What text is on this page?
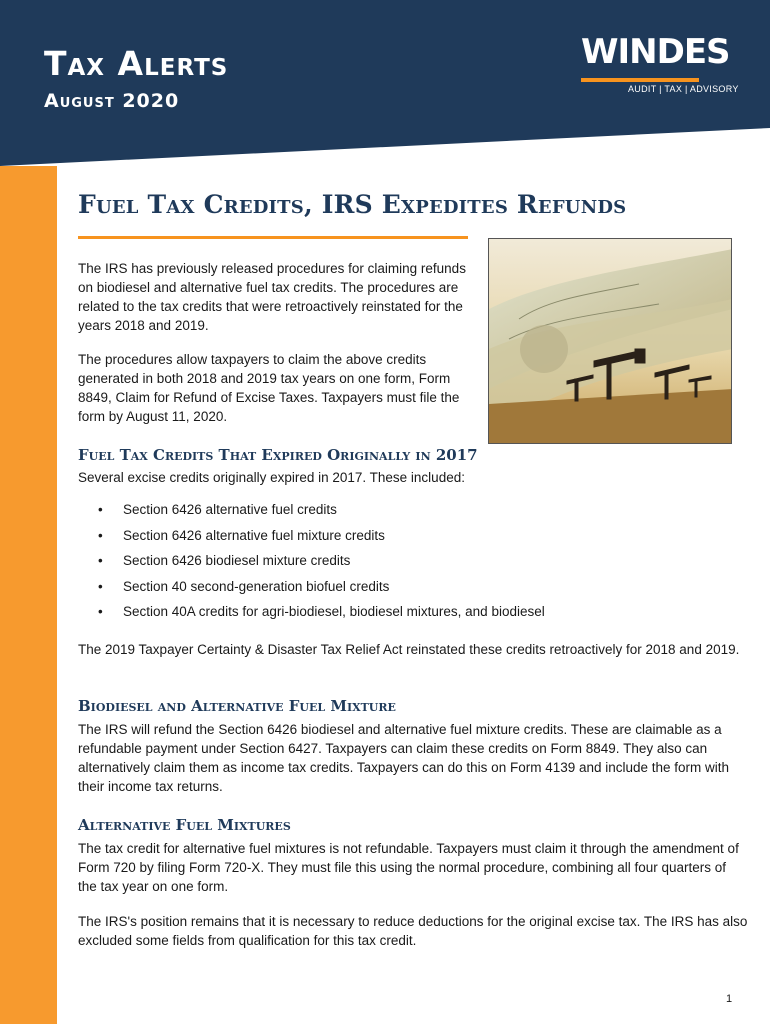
Tax Alerts
August 2020
WINDES
AUDIT | TAX | ADVISORY
Fuel Tax Credits, IRS Expedites Refunds

The IRS has previously released procedures for claiming refunds on biodiesel and alternative fuel tax credits. The procedures are related to the tax credits that were retroactively reinstated for the years 2018 and 2019.

The procedures allow taxpayers to claim the above credits generated in both 2018 and 2019 tax years on one form, Form 8849, Claim for Refund of Excise Taxes. Taxpayers must file the form by August 11, 2020.

Fuel Tax Credits That Expired Originally in 2017

Several excise credits originally expired in 2017. These included:

• Section 6426 alternative fuel credits
• Section 6426 alternative fuel mixture credits
• Section 6426 biodiesel mixture credits
• Section 40 second-generation biofuel credits
• Section 40A credits for agri-biodiesel, biodiesel mixtures, and biodiesel

The 2019 Taxpayer Certainty & Disaster Tax Relief Act reinstated these credits retroactively for 2018 and 2019.

Biodiesel and Alternative Fuel Mixture

The IRS will refund the Section 6426 biodiesel and alternative fuel mixture credits. These are claimable as a refundable payment under Section 6427. Taxpayers can claim these credits on Form 8849. They also can alternatively claim them as income tax credits. Taxpayers can do this on Form 4139 and include the form with their income tax returns.

Alternative Fuel Mixtures

The tax credit for alternative fuel mixtures is not refundable. Taxpayers must claim it through the amendment of Form 720 by filing Form 720-X. They must file this using the normal procedure, combining all four quarters of the tax year on one form.

The IRS's position remains that it is necessary to reduce deductions for the original excise tax. The IRS has also excluded some fields from qualification for this tax credit.

1
